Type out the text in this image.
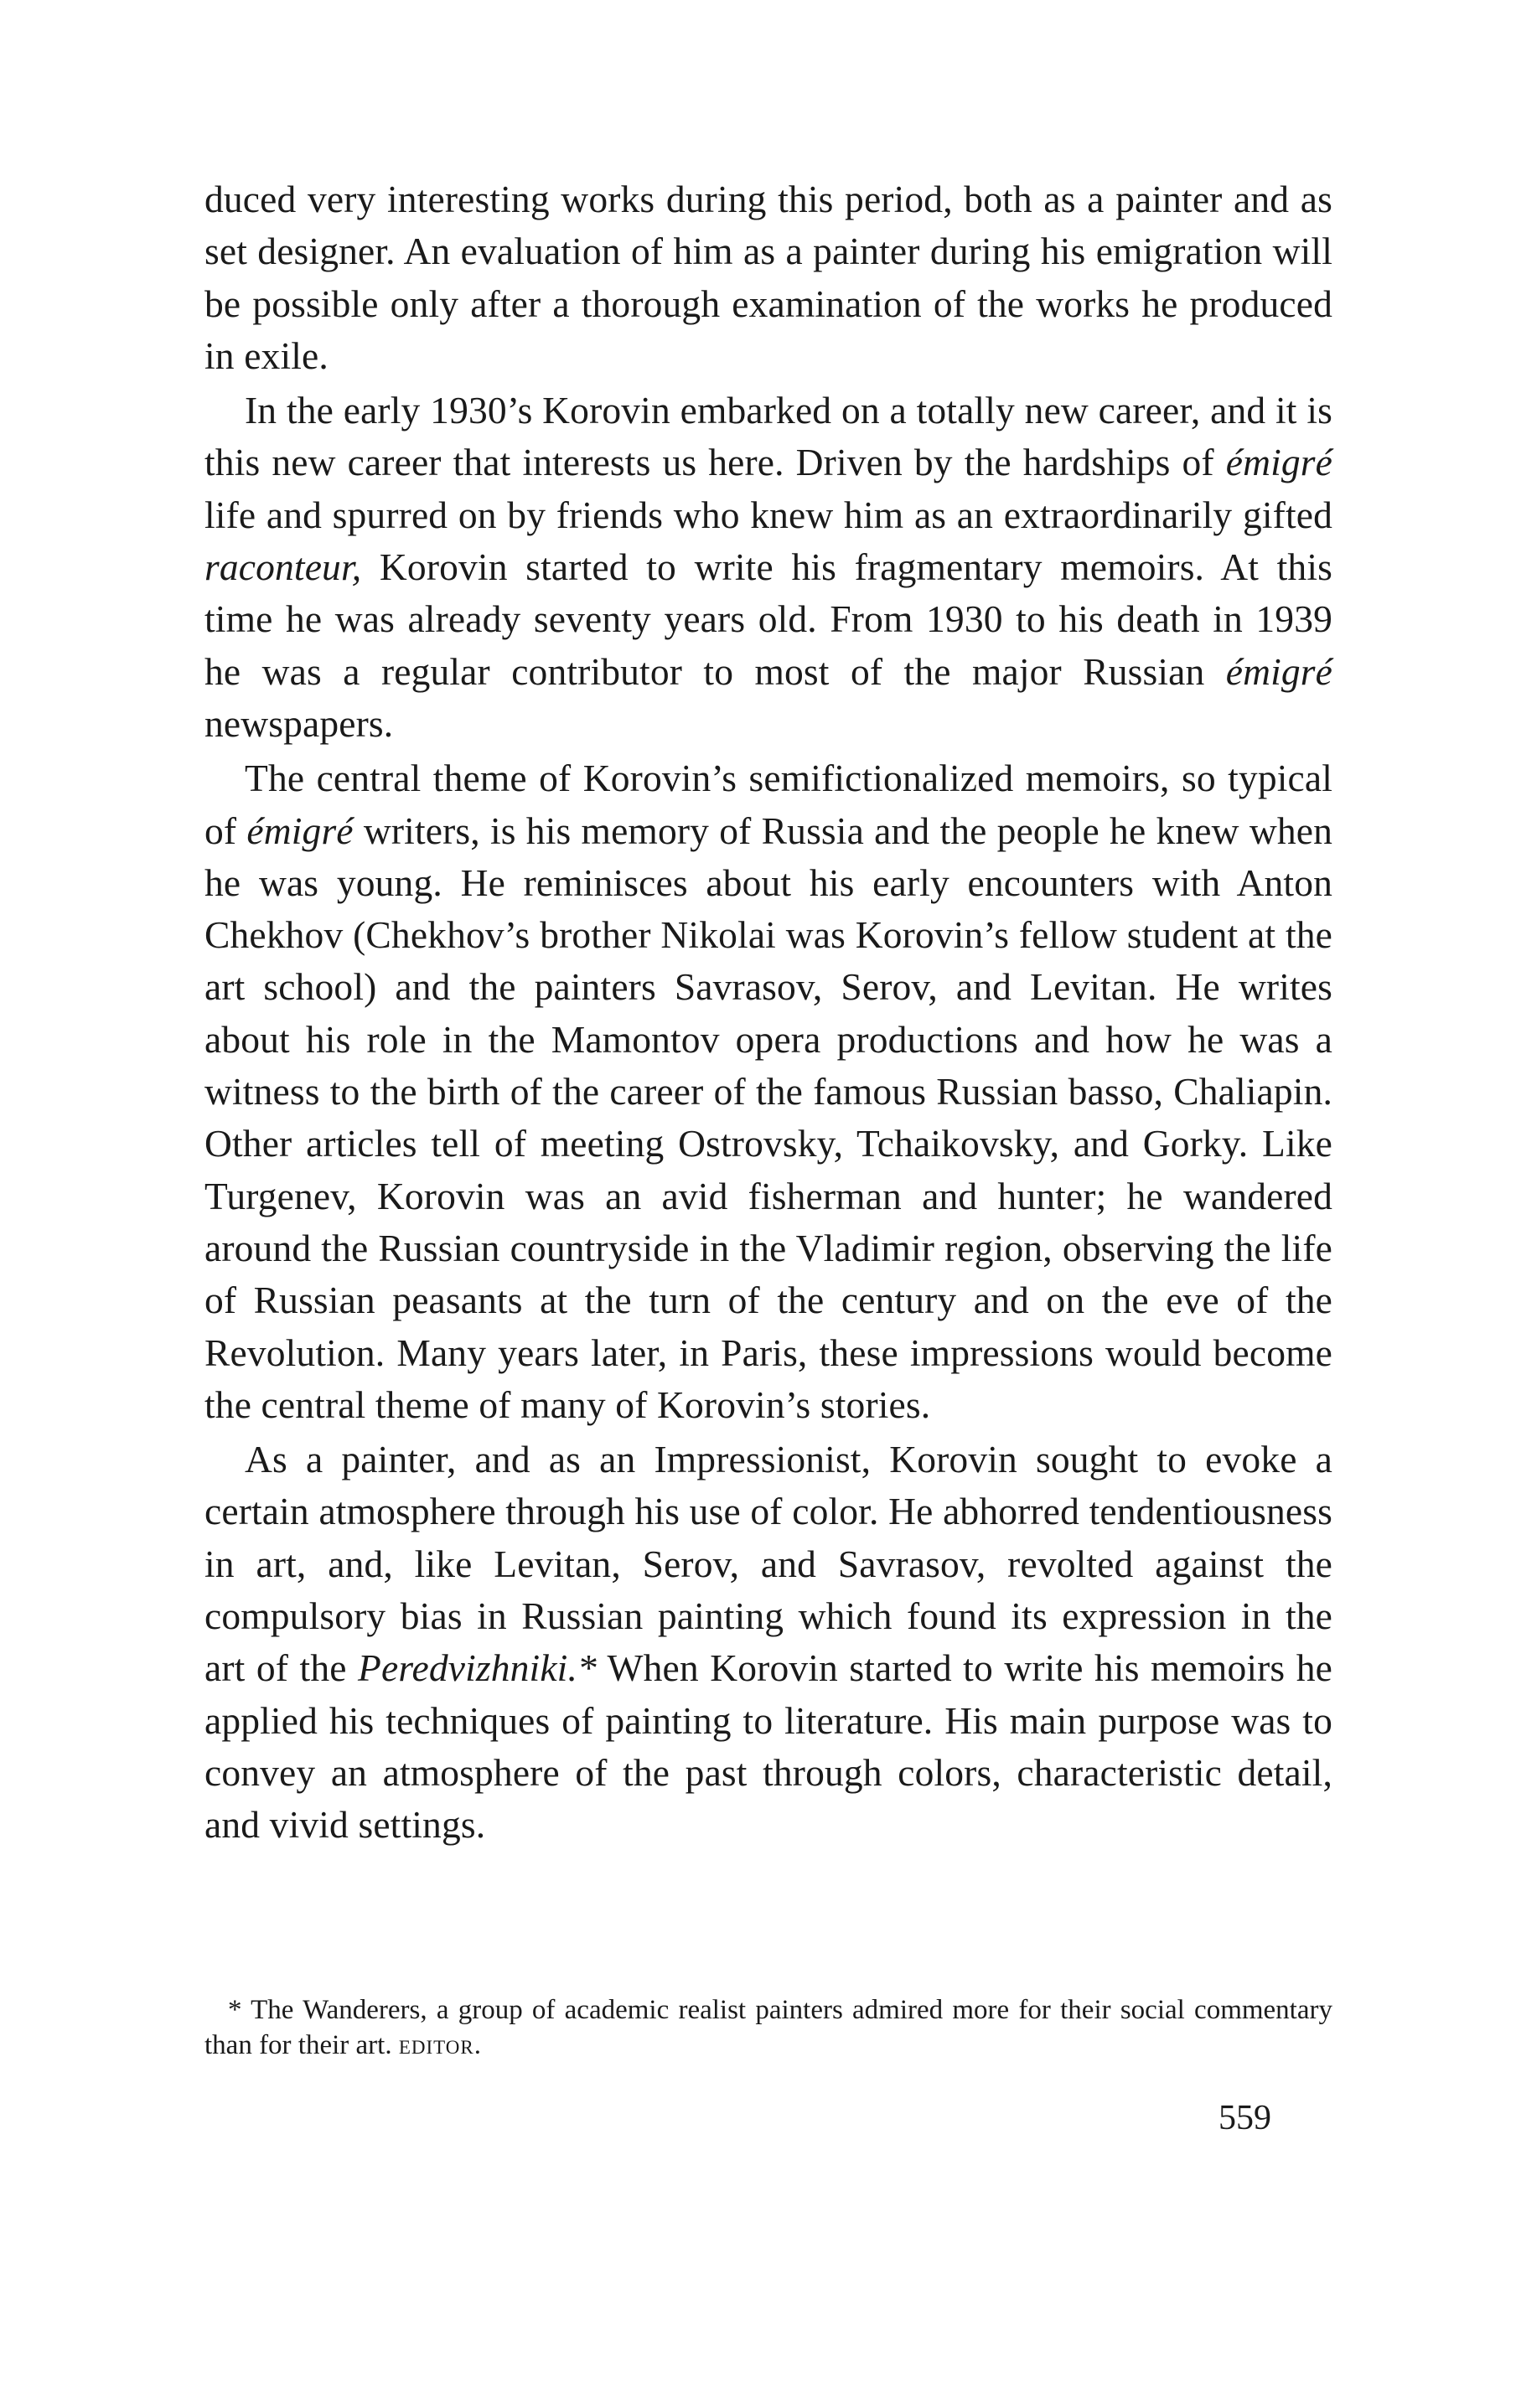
duced very interesting works during this period, both as a painter and as set designer. An evaluation of him as a painter during his emigration will be possible only after a thorough examination of the works he produced in exile.

In the early 1930’s Korovin embarked on a totally new career, and it is this new career that interests us here. Driven by the hardships of émigré life and spurred on by friends who knew him as an extraordinarily gifted raconteur, Korovin started to write his fragmentary memoirs. At this time he was already seventy years old. From 1930 to his death in 1939 he was a regular contributor to most of the major Russian émigré newspapers.

The central theme of Korovin’s semifictionalized memoirs, so typical of émigré writers, is his memory of Russia and the people he knew when he was young. He reminisces about his early encounters with Anton Chekhov (Chekhov’s brother Nikolai was Korovin’s fellow student at the art school) and the painters Savrasov, Serov, and Levitan. He writes about his role in the Mamontov opera productions and how he was a witness to the birth of the career of the famous Russian basso, Chaliapin. Other articles tell of meeting Ostrovsky, Tchaikovsky, and Gorky. Like Turgenev, Korovin was an avid fisherman and hunter; he wandered around the Russian countryside in the Vladimir region, observing the life of Russian peasants at the turn of the century and on the eve of the Revolution. Many years later, in Paris, these impressions would become the central theme of many of Korovin’s stories.

As a painter, and as an Impressionist, Korovin sought to evoke a certain atmosphere through his use of color. He abhorred tendentiousness in art, and, like Levitan, Serov, and Savrasov, revolted against the compulsory bias in Russian painting which found its expression in the art of the Peredvizhniki.* When Korovin started to write his memoirs he applied his techniques of painting to literature. His main purpose was to convey an atmosphere of the past through colors, characteristic detail, and vivid settings.

* The Wanderers, a group of academic realist painters admired more for their social commentary than for their art. editor.

559
